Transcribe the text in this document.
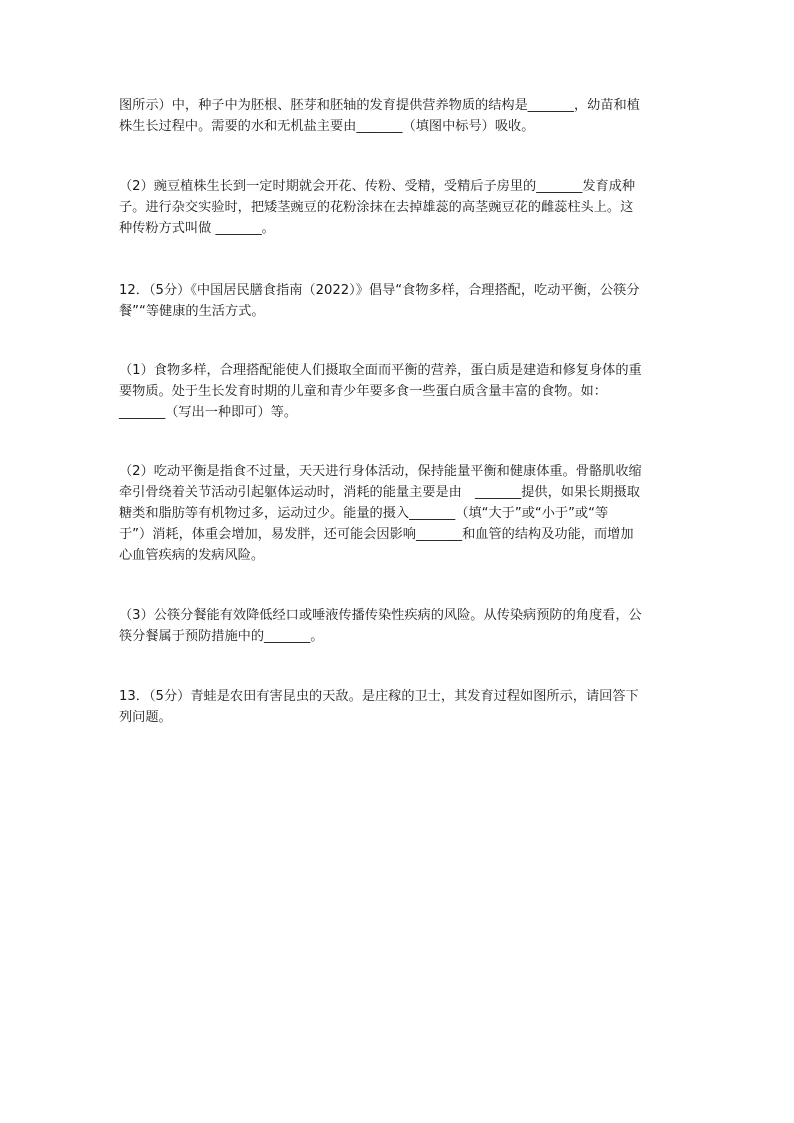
图所示）中，种子中为胚根、胚芽和胚轴的发育提供营养物质的结构是_______，幼苗和植
株生长过程中。需要的水和无机盐主要由_______（填图中标号）吸收。

（2）豌豆植株生长到一定时期就会开花、传粉、受精，受精后子房里的_______发育成种
子。进行杂交实验时，把矮茎豌豆的花粉涂抹在去掉雄蕊的高茎豌豆花的雌蕊柱头上。这
种传粉方式叫做 _______。

12．（5分）《中国居民膳食指南（2022）》倡导“食物多样，合理搭配，吃动平衡，公筷分
餐”“等健康的生活方式。

（1）食物多样，合理搭配能使人们摄取全面而平衡的营养，蛋白质是建造和修复身体的重
要物质。处于生长发育时期的儿童和青少年要多食一些蛋白质含量丰富的食物。如：
_______（写出一种即可）等。

（2）吃动平衡是指食不过量，天天进行身体活动，保持能量平衡和健康体重。骨骼肌收缩
牵引骨绕着关节活动引起躯体运动时，消耗的能量主要是由　_______提供，如果长期摄取
糖类和脂肪等有机物过多，运动过少。能量的摄入_______（填“大于”或“小于”或“等
于”）消耗，体重会增加，易发胖，还可能会因影响_______和血管的结构及功能，而增加
心血管疾病的发病风险。

（3）公筷分餐能有效降低经口或唾液传播传染性疾病的风险。从传染病预防的角度看，公
筷分餐属于预防措施中的_______。

13．（5分）青蛙是农田有害昆虫的天敌。是庄稼的卫士，其发育过程如图所示，请回答下
列问题。
